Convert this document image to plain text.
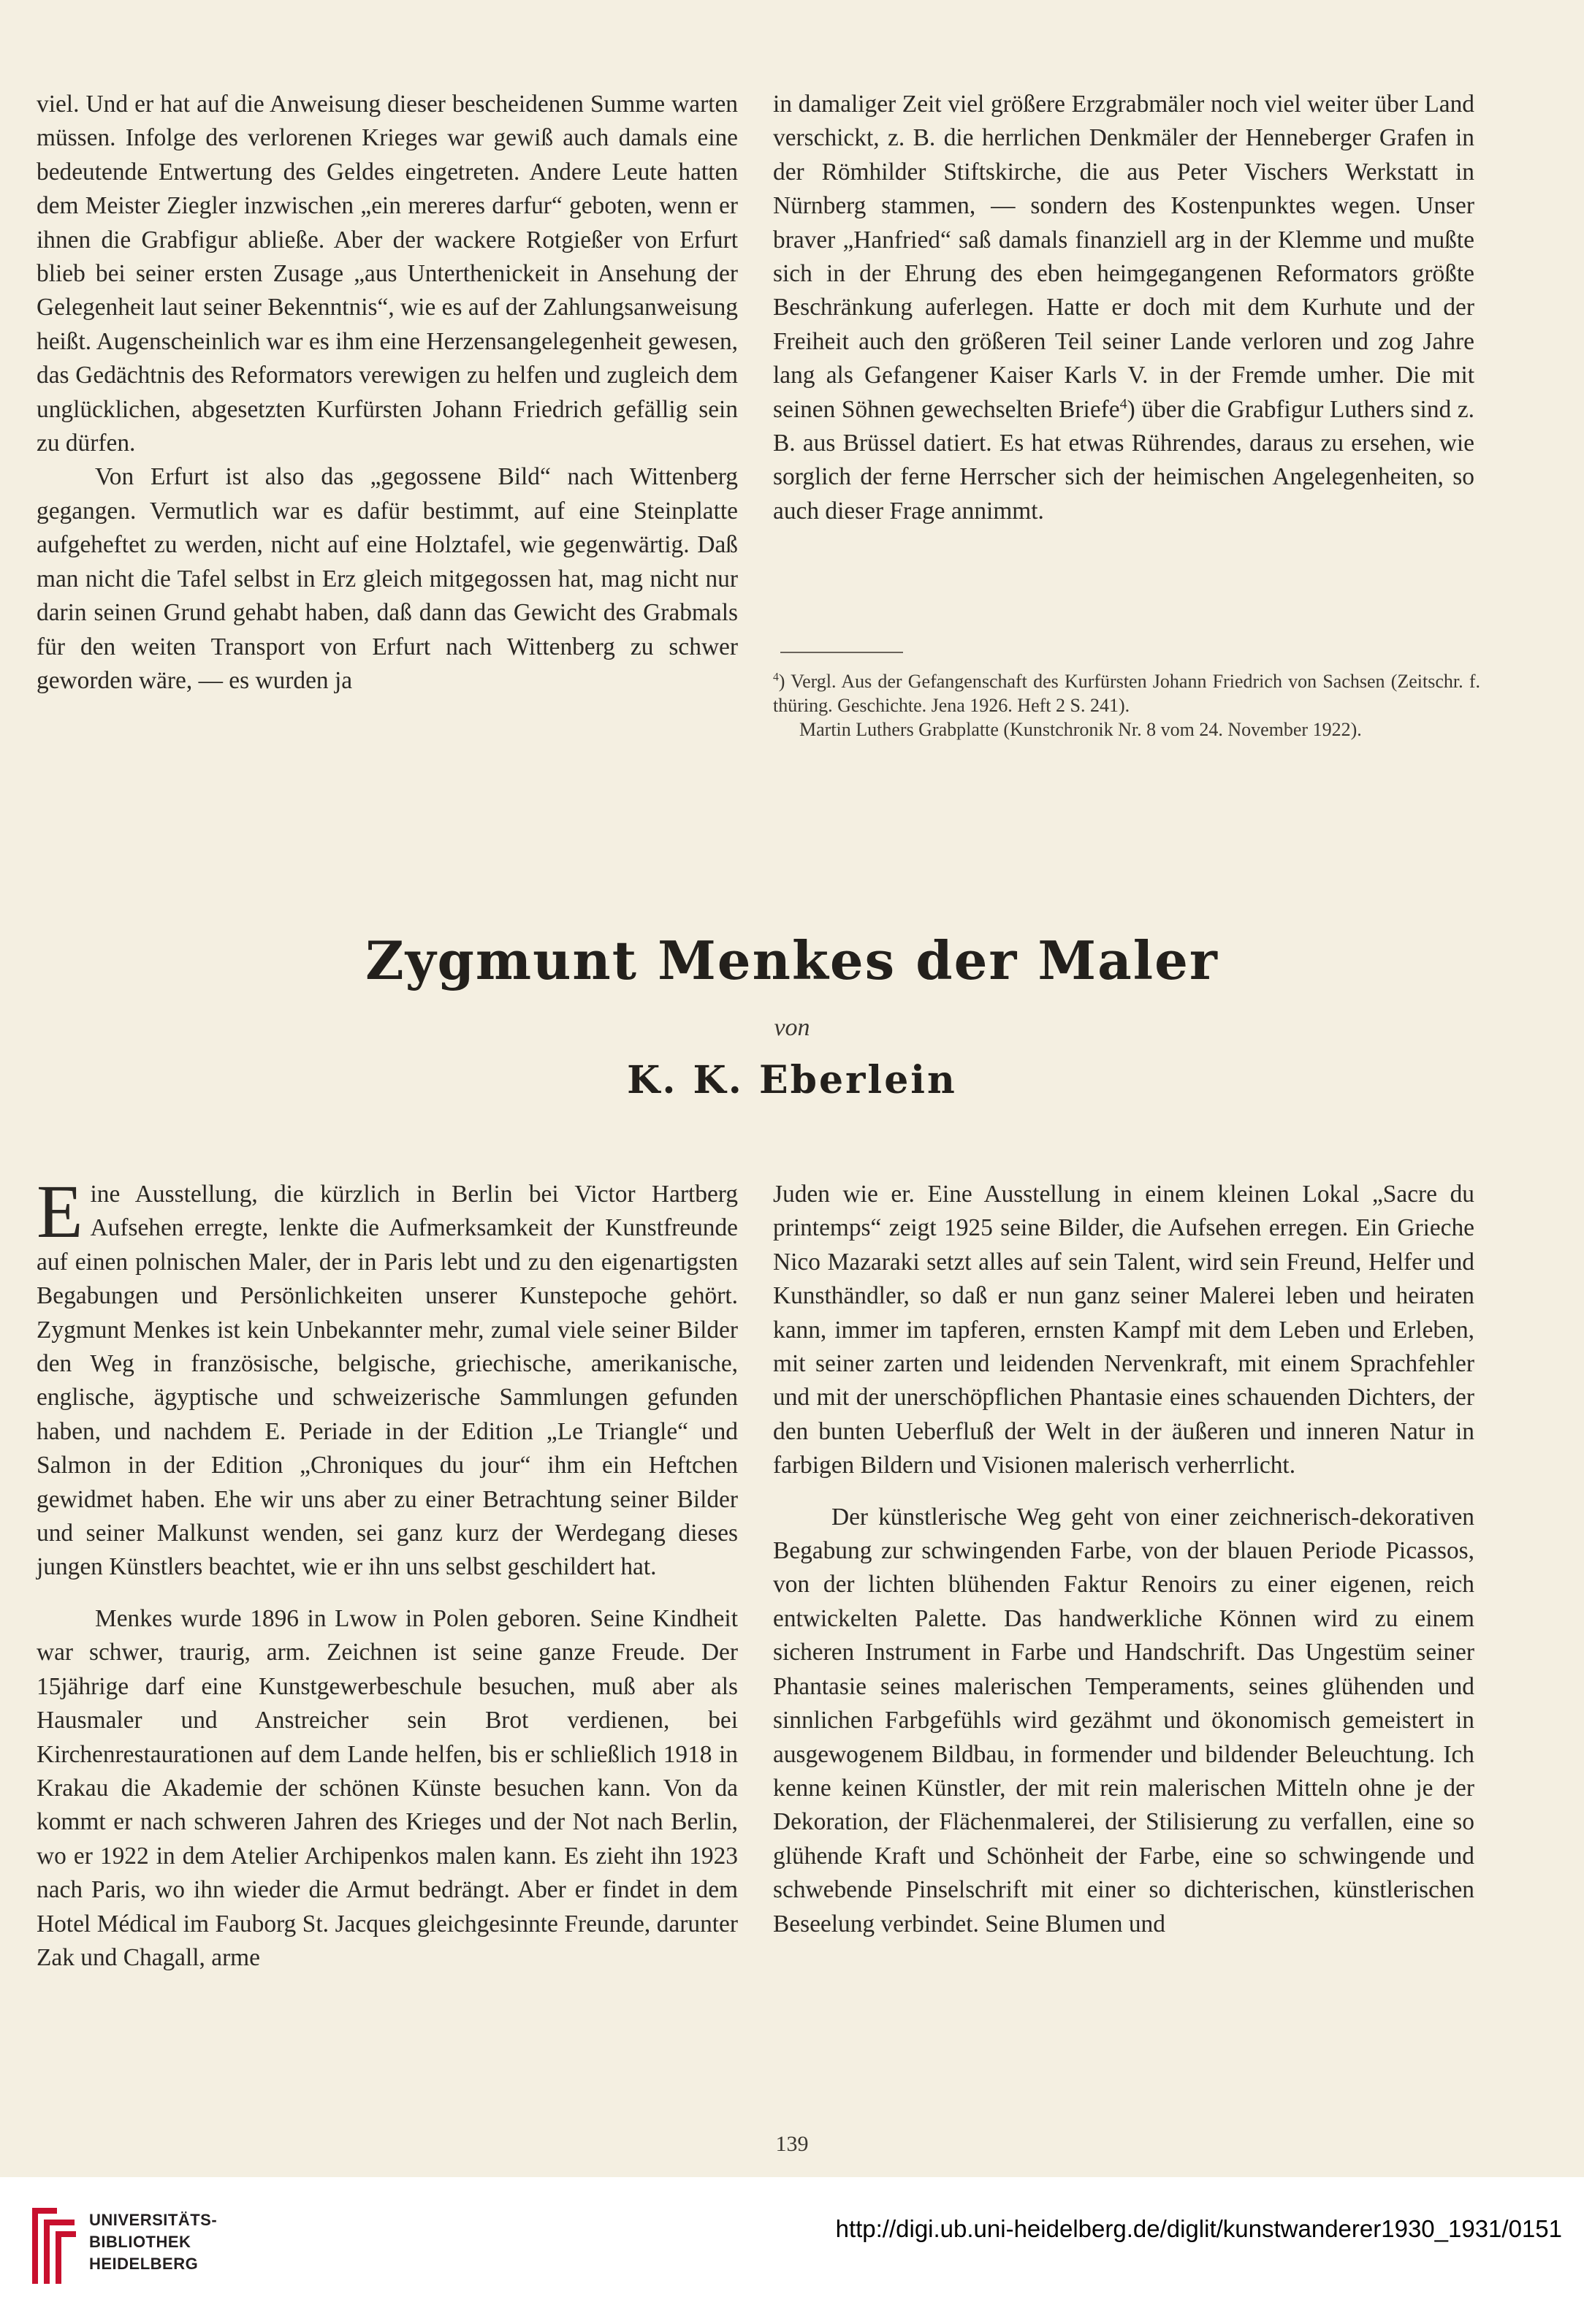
viel. Und er hat auf die Anweisung dieser bescheidenen Summe warten müssen. Infolge des verlorenen Krieges war gewiß auch damals eine bedeutende Entwertung des Geldes eingetreten. Andere Leute hatten dem Meister Ziegler inzwischen „ein mereres darfur“ geboten, wenn er ihnen die Grabfigur abließe. Aber der wackere Rotgießer von Erfurt blieb bei seiner ersten Zusage „aus Unterthenickeit in Ansehung der Gelegenheit laut seiner Bekenntnis“, wie es auf der Zahlungsanweisung heißt. Augenscheinlich war es ihm eine Herzensangelegenheit gewesen, das Gedächtnis des Reformators verewigen zu helfen und zugleich dem unglücklichen, abgesetzten Kurfürsten Johann Friedrich gefällig sein zu dürfen.

Von Erfurt ist also das „gegossene Bild“ nach Wittenberg gegangen. Vermutlich war es dafür bestimmt, auf eine Steinplatte aufgeheftet zu werden, nicht auf eine Holztafel, wie gegenwärtig. Daß man nicht die Tafel selbst in Erz gleich mitgegossen hat, mag nicht nur darin seinen Grund gehabt haben, daß dann das Gewicht des Grabmals für den weiten Transport von Erfurt nach Wittenberg zu schwer geworden wäre, — es wurden ja

in damaliger Zeit viel größere Erzgrabmäler noch viel weiter über Land verschickt, z. B. die herrlichen Denkmäler der Henneberger Grafen in der Römhilder Stiftskirche, die aus Peter Vischers Werkstatt in Nürnberg stammen, — sondern des Kostenpunktes wegen. Unser braver „Hanfried“ saß damals finanziell arg in der Klemme und mußte sich in der Ehrung des eben heimgegangenen Reformators größte Beschränkung auferlegen. Hatte er doch mit dem Kurhute und der Freiheit auch den größeren Teil seiner Lande verloren und zog Jahre lang als Gefangener Kaiser Karls V. in der Fremde umher. Die mit seinen Söhnen gewechselten Briefe$^4$) über die Grabfigur Luthers sind z. B. aus Brüssel datiert. Es hat etwas Rührendes, daraus zu ersehen, wie sorglich der ferne Herrscher sich der heimischen Angelegenheiten, so auch dieser Frage annimmt.

$^4$) Vergl. Aus der Gefangenschaft des Kurfürsten Johann Friedrich von Sachsen (Zeitschr. f. thüring. Geschichte. Jena 1926. Heft 2 S. 241).

Martin Luthers Grabplatte (Kunstchronik Nr. 8 vom 24. November 1922).

Zygmunt Menkes der Maler
von
K. K. Eberlein

Eine Ausstellung, die kürzlich in Berlin bei Victor Hartberg Aufsehen erregte, lenkte die Aufmerksamkeit der Kunstfreunde auf einen polnischen Maler, der in Paris lebt und zu den eigenartigsten Begabungen und Persönlichkeiten unserer Kunstepoche gehört. Zygmunt Menkes ist kein Unbekannter mehr, zumal viele seiner Bilder den Weg in französische, belgische, griechische, amerikanische, englische, ägyptische und schweizerische Sammlungen gefunden haben, und nachdem E. Periade in der Edition „Le Triangle“ und Salmon in der Edition „Chroniques du jour“ ihm ein Heftchen gewidmet haben. Ehe wir uns aber zu einer Betrachtung seiner Bilder und seiner Malkunst wenden, sei ganz kurz der Werdegang dieses jungen Künstlers beachtet, wie er ihn uns selbst geschildert hat.

Menkes wurde 1896 in Lwow in Polen geboren. Seine Kindheit war schwer, traurig, arm. Zeichnen ist seine ganze Freude. Der 15jährige darf eine Kunstgewerbeschule besuchen, muß aber als Hausmaler und Anstreicher sein Brot verdienen, bei Kirchenrestaurationen auf dem Lande helfen, bis er schließlich 1918 in Krakau die Akademie der schönen Künste besuchen kann. Von da kommt er nach schweren Jahren des Krieges und der Not nach Berlin, wo er 1922 in dem Atelier Archipenkos malen kann. Es zieht ihn 1923 nach Paris, wo ihn wieder die Armut bedrängt. Aber er findet in dem Hotel Médical im Fauborg St. Jacques gleichgesinnte Freunde, darunter Zak und Chagall, arme

Juden wie er. Eine Ausstellung in einem kleinen Lokal „Sacre du printemps“ zeigt 1925 seine Bilder, die Aufsehen erregen. Ein Grieche Nico Mazaraki setzt alles auf sein Talent, wird sein Freund, Helfer und Kunsthändler, so daß er nun ganz seiner Malerei leben und heiraten kann, immer im tapferen, ernsten Kampf mit dem Leben und Erleben, mit seiner zarten und leidenden Nervenkraft, mit einem Sprachfehler und mit der unerschöpflichen Phantasie eines schauenden Dichters, der den bunten Ueberfluß der Welt in der äußeren und inneren Natur in farbigen Bildern und Visionen malerisch verherrlicht.

Der künstlerische Weg geht von einer zeichnerisch-dekorativen Begabung zur schwingenden Farbe, von der blauen Periode Picassos, von der lichten blühenden Faktur Renoirs zu einer eigenen, reich entwickelten Palette. Das handwerkliche Können wird zu einem sicheren Instrument in Farbe und Handschrift. Das Ungestüm seiner Phantasie seines malerischen Temperaments, seines glühenden und sinnlichen Farbgefühls wird gezähmt und ökonomisch gemeistert in ausgewogenem Bildbau, in formender und bildender Beleuchtung. Ich kenne keinen Künstler, der mit rein malerischen Mitteln ohne je der Dekoration, der Flächenmalerei, der Stilisierung zu verfallen, eine so glühende Kraft und Schönheit der Farbe, eine so schwingende und schwebende Pinselschrift mit einer so dichterischen, künstlerischen Beseelung verbindet. Seine Blumen und

139
UNIVERSITÄTS-
BIBLIOTHEK
HEIDELBERG
http://digi.ub.uni-heidelberg.de/diglit/kunstwanderer1930_1931/0151
